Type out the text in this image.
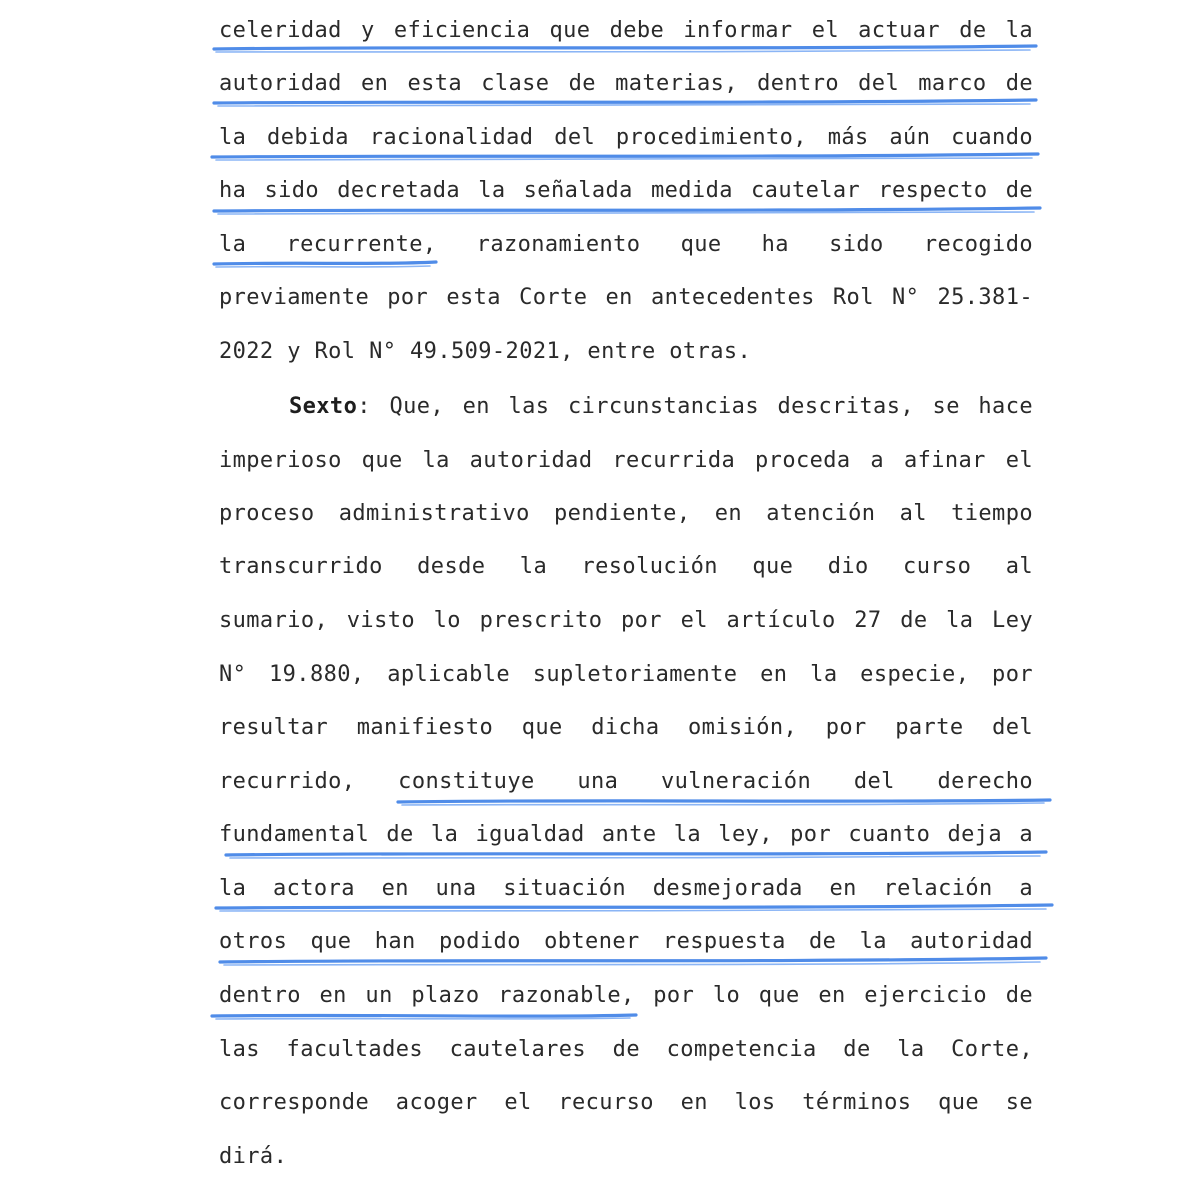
celeridad y eficiencia que debe informar el actuar de la
autoridad en esta clase de materias, dentro del marco de
la debida racionalidad del procedimiento, más aún cuando
ha sido decretada la señalada medida cautelar respecto de
la recurrente, razonamiento que ha sido recogido
previamente por esta Corte en antecedentes Rol N° 25.381-
2022 y Rol N° 49.509-2021, entre otras.
Sexto: Que, en las circunstancias descritas, se hace
imperioso que la autoridad recurrida proceda a afinar el
proceso administrativo pendiente, en atención al tiempo
transcurrido desde la resolución que dio curso al
sumario, visto lo prescrito por el artículo 27 de la Ley
N° 19.880, aplicable supletoriamente en la especie, por
resultar manifiesto que dicha omisión, por parte del
recurrido, constituye una vulneración del derecho
fundamental de la igualdad ante la ley, por cuanto deja a
la actora en una situación desmejorada en relación a
otros que han podido obtener respuesta de la autoridad
dentro en un plazo razonable, por lo que en ejercicio de
las facultades cautelares de competencia de la Corte,
corresponde acoger el recurso en los términos que se
dirá.
